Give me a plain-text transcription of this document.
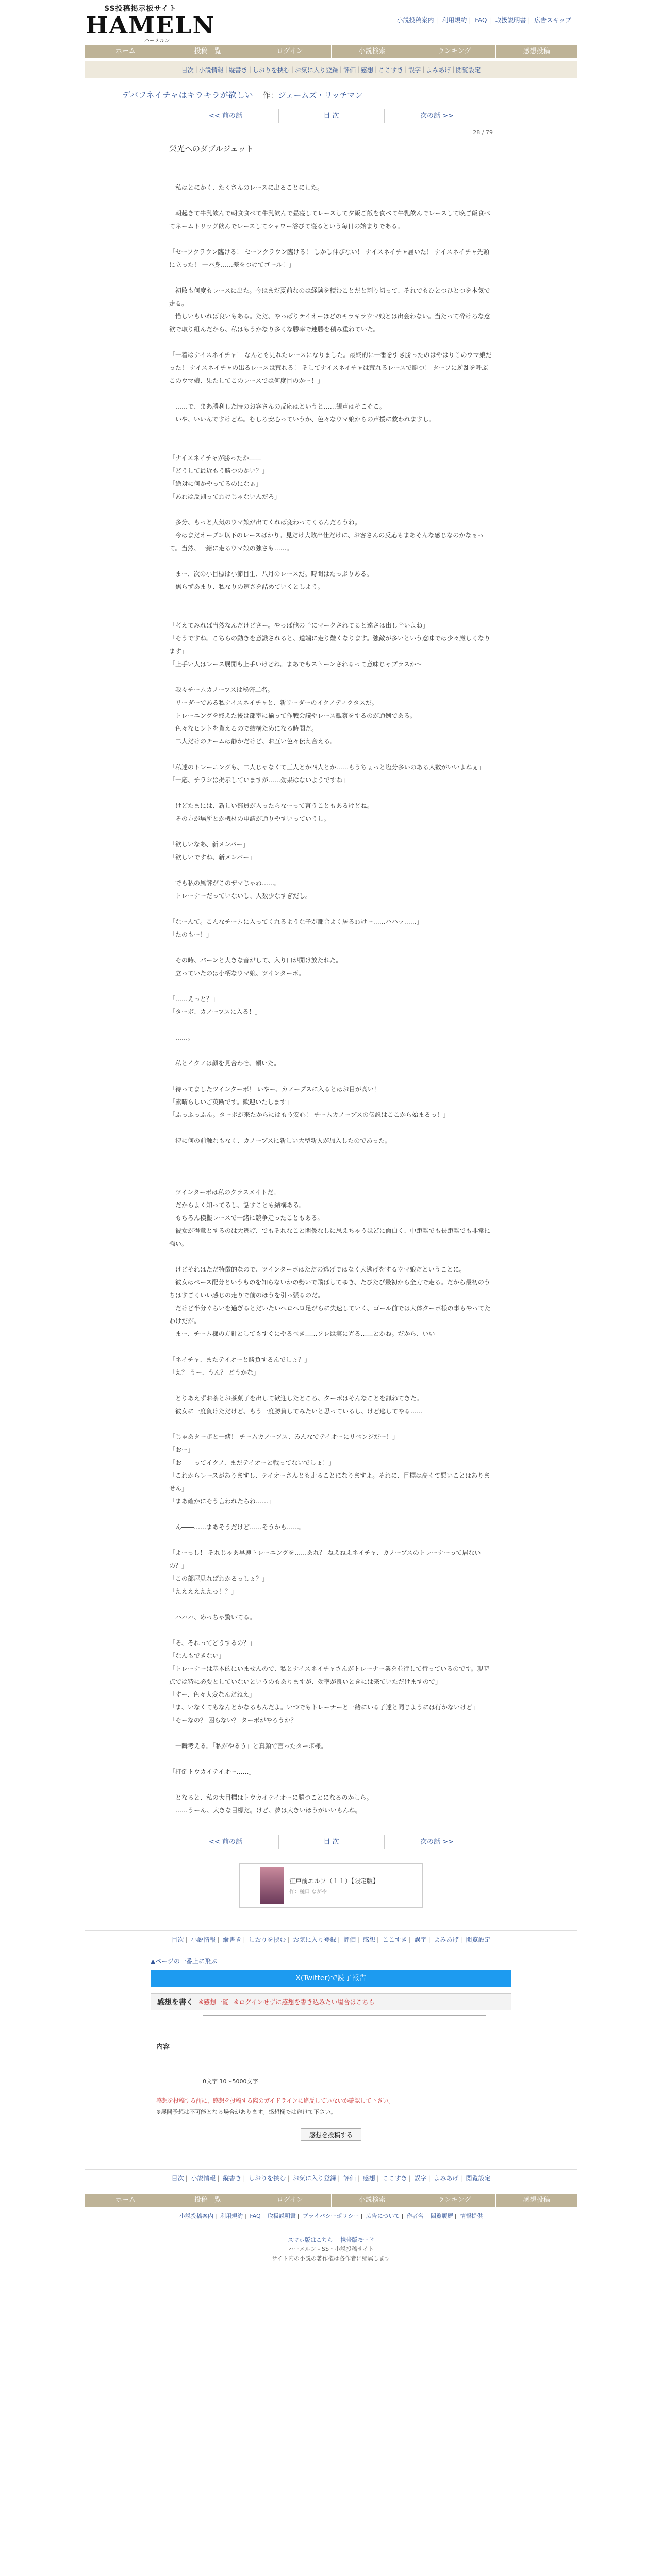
SS投稿掲示板サイト
HAMELN
ハーメルン
小説投稿案内 | 利用規約 | FAQ | 取扱説明書 | 広告スキップ
ホーム	投稿一覧	ログイン	小説検索	ランキング	感想投稿
目次 | 小説情報 | 縦書き | しおりを挟む | お気に入り登録 | 評価 | 感想 | ここすき | 誤字 | よみあげ | 閲覧設定
デバフネイチャはキラキラが欲しい 作：ジェームズ・リッチマン
<< 前の話	目 次	次の話 >>
28 / 79
栄光へのダブルジェット

　私はとにかく、たくさんのレースに出ることにした。

　朝起きて牛乳飲んで朝食食べて牛乳飲んで昼寝してレースして夕飯ご飯を食べて牛乳飲んでレースして晩ご飯食べてネームトリッグ飲んでレースしてシャワー浴びて寝るという毎日の始まりである。

「セーフクラウン臨ける！ セーフクラウン臨ける！ しかし伸びない！ ナイスネイチャ届いた！ ナイスネイチャ先頭に立った！ 一バ身……差をつけてゴール！」

　初敗も何度もレースに出た。今はまだ夏前なのは経験を積むことだと割り切って、それでもひとつひとつを本気で走る。

　惜しいもいれば良いもある。ただ、やっぱりテイオーほどのキラキラウマ娘とは出会わない。当たって砕けろな意欲で取り組んだから、私はもうかなり多くな勝率で連勝を積み重ねていた。

「一着はナイスネイチャ！ なんとも見れたレースになりました。最終的に一番を引き勝ったのはやはりこのウマ娘だった！ ナイスネイチャの出るレースは荒れる！ そしてナイスネイチャは荒れるレースで勝つ！ ターフに逆乱を呼ぶこのウマ娘、果たしてこのレースでは何度目のかー！」

　……で、まあ勝利した時のお客さんの反応はというと……観声はそこそこ。

　いや、いいんですけどね。むしろ安心っていうか、色々なウマ娘からの声援に救われますし。

「ナイスネイチャが勝ったか……」

「どうして最近もう勝つのかい？」

「絶対に何かやってるのになぁ」

「あれは反則ってわけじゃないんだろ」

　多分、もっと人気のウマ娘が出てくれば変わってくるんだろうね。

　今はまだオープン以下のレースばかり。見だけ大敗出仕だけに、お客さんの反応もまあそんな感じなのかなぁって。当然、一緒に走るウマ娘の強さも……。

　まー、次の小目標は小節目生、八月のレースだ。時間はたっぷりある。

　焦らずあまり、私なりの速さを詰めていくとしよう。

「考えてみれば当然なんだけどさー。やっぱ他の子にマークされてると遠さは出し辛いよね」

「そうですね。こちらの動きを意識されると、道端に走り難くなります。強敵が多いという意味では少々厳しくなります」

「上手い人はレース展開も上手いけどね。まあでもストーンされるって意味じゃプラスか～」

　我々チームカノープスは秘密二名。

　リーダーである私ナイスネイチャと、新リーダーのイクノディクタスだ。

　トレーニングを終えた後は部室に揃って作戦会議やレース観察をするのが通例である。

　色々なヒントを貰えるので結構ためになる時間だ。

　二人だけのチームは静かだけど、お互い色々伝え合える。

「私達のトレーニングも、二人じゃなくて三人とか四人とか……もうちょっと塩分多いのある人数がいいよねぇ」

「一応、チラシは掲示していますが……効果はないようですね」

　けどたまには、新しい部員が入ったらなーって言うこともあるけどね。

　その方が場所とか機材の申請が通りやすいっていうし。

「欲しいなあ、新メンバー」

「欲しいですね、新メンバー」

　でも私の風評がこのザマじゃね……。

　トレーナーだっていないし、人数少なすぎだし。

「なーんて。こんなチームに入ってくれるような子が都合よく居るわけー……ハハッ……」

「たのもー！」

　その時、バーンと大きな音がして、入り口が開け放たれた。

　立っていたのは小柄なウマ娘、ツインターボ。

「……えっと？」

「ターボ、カノープスに入る！」

　……。

　私とイクノは顔を見合わせ、頷いた。

「待ってましたツインターボ！ いやー、カノープスに入るとはお目が高い！」

「素晴らしいご英断です。歓迎いたします」

「ふっふっふん。ターボが来たからにはもう安心！ チームカノープスの伝説はここから始まるっ！」

　特に何の前触れもなく、カノープスに新しい大型新人が加入したのであった。

　ツインターボは私のクラスメイトだ。

　だからよく知ってるし、話すことも結構ある。

　もちろん模擬レースで一緒に競争走ったこともある。

　彼女が得意とするのは大逃げ、でもそれなこと関係なしに思えちゃうほどに面白く、中距離でも長距離でも非常に強い。

　けどそれはただ特徴的なので、ツインターボはただの逃げではなく大逃げをするウマ娘だということに。

　彼女はペース配分というものを知らないかの勢いで飛ばしてゆき、たびたび最初から全力で走る。だから最初のうちはすごくいい感じの走りで前のほうを引っ張るのだ。

　だけど半分ぐらいを過ぎるとだいたいヘロヘロ足がらに失速していく、ゴール前では大体ターボ様の事もやってたわけだが。

　まー、チーム様の方針としてもすぐにやるべき……ソレは実に光る……とかね。だから、いい

「ネイチャ、またテイオーと勝負するんでしょ？」

「え？ うー、うん？ どうかな」

　とりあえずお茶とお茶菓子を出して歓迎したところ、ターボはそんなことを訊ねてきた。

　彼女に一度負けただけど、もう一度勝負してみたいと思っているし、けど逃してやる……

「じゃあターボと一緒！ チームカノープス、みんなでテイオーにリベンジだー！」

「おー」

「お――ってイクノ、まだテイオーと戦ってないでしょ！」

「これからレースがありますし、テイオーさんとも走ることになりますよ。それに、目標は高くて悪いことはありません」

「まあ確かにそう言われたらね……」

　ん――……まあそうだけど……そうかも……。

「よーっし！ それじゃあ早速トレーニングを……あれ？ ねえねえネイチャ、カノープスのトレーナーって居ないの？」

「この部屋見ればわかるっしょ？」

「ええええええっ！？」

　ハハハ、めっちゃ驚いてる。

「そ、それってどうするの？」

「なんもできない」

「トレーナーは基本的にいませんので、私とナイスネイチャさんがトレーナー業を並行して行っているのです。現時点では特に必要としていないというのもありますが、効率が良いときには来ていただけますので」

「すー、色々大変なんだねえ」

「ま、いなくてもなんとかなるもんだよ。いつでもトレーナーと一緒にいる子達と同じようには行かないけど」

「そーなの？ 困らない？ ターボがやろうか？」

　一瞬考える。「私がやるう」と真顔で言ったターボ様。

「打倒トウカイテイオー……」

　となると、私の大目標はトウカイテイオーに勝つことになるのかしら。

　……うーん、大きな目標だ。けど、夢は大きいほうがいいもんね。

<< 前の話	目 次	次の話 >>
江戸前エルフ（１１）【限定版】
作：樋口 ながや
目次 | 小説情報 | 縦書き | しおりを挟む | お気に入り登録 | 評価 | 感想 | ここすき | 誤字 | よみあげ | 閲覧設定
▲ページの一番上に飛ぶ
X(Twitter)で読了報告
感想を書く ※感想一覧 ※ログインせずに感想を書き込みたい場合はこちら
内容
0文字 10～5000文字
感想を投稿する前に、感想を投稿する際のガイドラインに違反していないか確認して下さい。
※展開予想は不可能となる場合があります。感想欄では避けて下さい。
感想を投稿する
目次 | 小説情報 | 縦書き | しおりを挟む | お気に入り登録 | 評価 | 感想 | ここすき | 誤字 | よみあげ | 閲覧設定
ホーム	投稿一覧	ログイン	小説検索	ランキング	感想投稿
小説投稿案内 | 利用規約 | FAQ | 取扱説明書 | プライバシーポリシー | 広告について | 作者名 | 閲覧履歴 | 情報提供
スマホ版はこちら｜ 携帯版モード
ハーメルン - SS・小説投稿サイト
サイト内の小説の著作権は各作者に帰属します
